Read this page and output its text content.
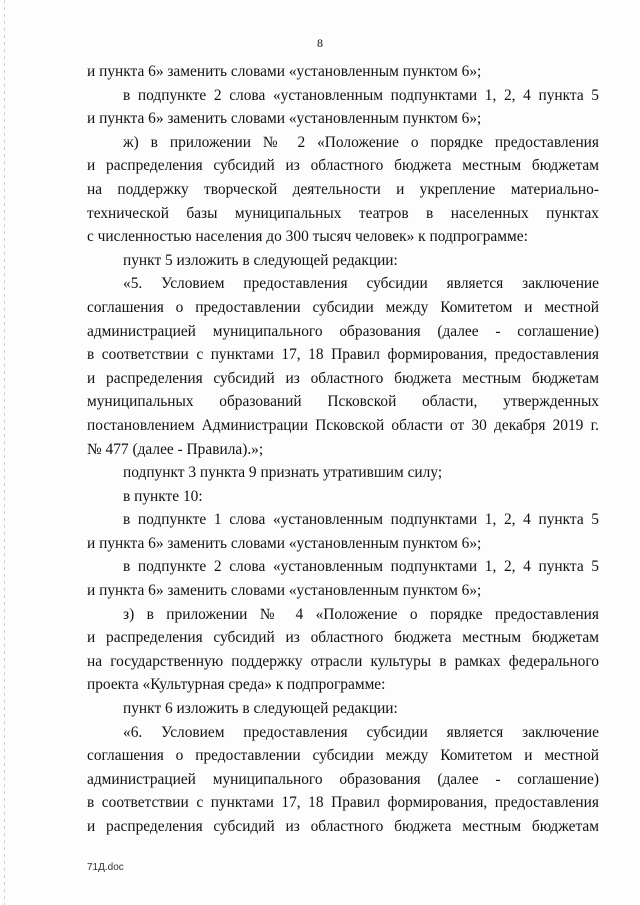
8

и пункта 6» заменить словами «установленным пунктом 6»;

в подпункте 2 слова «установленным подпунктами 1, 2, 4 пункта 5

и пункта 6» заменить словами «установленным пунктом 6»;

ж) в приложении № 2 «Положение о порядке предоставления

и распределения субсидий из областного бюджета местным бюджетам

на поддержку творческой деятельности и укрепление материально-

технической базы муниципальных театров в населенных пунктах

с численностью населения до 300 тысяч человек» к подпрограмме:

пункт 5 изложить в следующей редакции:

«5. Условием предоставления субсидии является заключение

соглашения о предоставлении субсидии между Комитетом и местной

администрацией муниципального образования (далее - соглашение)

в соответствии с пунктами 17, 18 Правил формирования, предоставления

и распределения субсидий из областного бюджета местным бюджетам

муниципальных образований Псковской области, утвержденных

постановлением Администрации Псковской области от 30 декабря 2019 г.

№ 477 (далее - Правила).»;

подпункт 3 пункта 9 признать утратившим силу;

в пункте 10:

в подпункте 1 слова «установленным подпунктами 1, 2, 4 пункта 5

и пункта 6» заменить словами «установленным пунктом 6»;

в подпункте 2 слова «установленным подпунктами 1, 2, 4 пункта 5

и пункта 6» заменить словами «установленным пунктом 6»;

з) в приложении № 4 «Положение о порядке предоставления

и распределения субсидий из областного бюджета местным бюджетам

на государственную поддержку отрасли культуры в рамках федерального

проекта «Культурная среда» к подпрограмме:

пункт 6 изложить в следующей редакции:

«6. Условием предоставления субсидии является заключение

соглашения о предоставлении субсидии между Комитетом и местной

администрацией муниципального образования (далее - соглашение)

в соответствии с пунктами 17, 18 Правил формирования, предоставления

и распределения субсидий из областного бюджета местным бюджетам

71Д.doc
